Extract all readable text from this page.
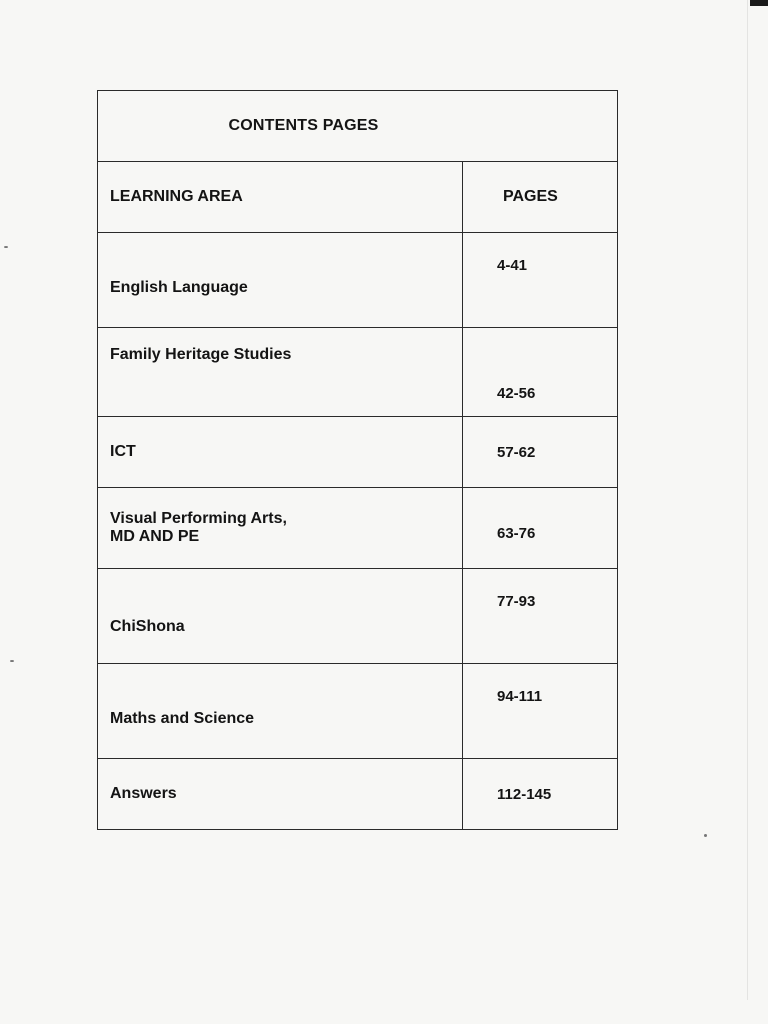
CONTENTS PAGES	
LEARNING AREA	PAGES
English Language	4-41
Family Heritage Studies	42-56
ICT	57-62

Visual Performing Arts,
MD AND PE	63-76
ChiShona	77-93
Maths and Science	94-111
Answers	112-145
